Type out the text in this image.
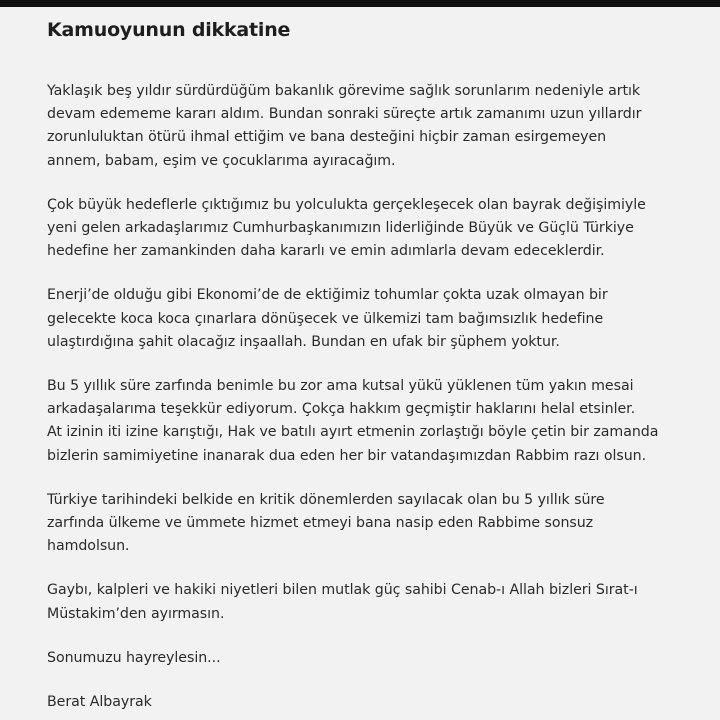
Kamuoyunun dikkatine

Yaklaşık beş yıldır sürdürdüğüm bakanlık görevime sağlık sorunlarım nedeniyle artık
devam edememe kararı aldım. Bundan sonraki süreçte artık zamanımı uzun yıllardır
zorunluluktan ötürü ihmal ettiğim ve bana desteğini hiçbir zaman esirgemeyen
annem, babam, eşim ve çocuklarıma ayıracağım.

Çok büyük hedeflerle çıktığımız bu yolculukta gerçekleşecek olan bayrak değişimiyle
yeni gelen arkadaşlarımız Cumhurbaşkanımızın liderliğinde Büyük ve Güçlü Türkiye
hedefine her zamankinden daha kararlı ve emin adımlarla devam edeceklerdir.

Enerji’de olduğu gibi Ekonomi’de de ektiğimiz tohumlar çokta uzak olmayan bir
gelecekte koca koca çınarlara dönüşecek ve ülkemizi tam bağımsızlık hedefine
ulaştırdığına şahit olacağız inşaallah. Bundan en ufak bir şüphem yoktur.

Bu 5 yıllık süre zarfında benimle bu zor ama kutsal yükü yüklenen tüm yakın mesai
arkadaşalarıma teşekkür ediyorum. Çokça hakkım geçmiştir haklarını helal etsinler.
At izinin iti izine karıştığı, Hak ve batılı ayırt etmenin zorlaştığı böyle çetin bir zamanda
bizlerin samimiyetine inanarak dua eden her bir vatandaşımızdan Rabbim razı olsun.

Türkiye tarihindeki belkide en kritik dönemlerden sayılacak olan bu 5 yıllık süre
zarfında ülkeme ve ümmete hizmet etmeyi bana nasip eden Rabbime sonsuz
hamdolsun.

Gaybı, kalpleri ve hakiki niyetleri bilen mutlak güç sahibi Cenab-ı Allah bizleri Sırat-ı
Müstakim’den ayırmasın.

Sonumuzu hayreylesin...

Berat Albayrak
